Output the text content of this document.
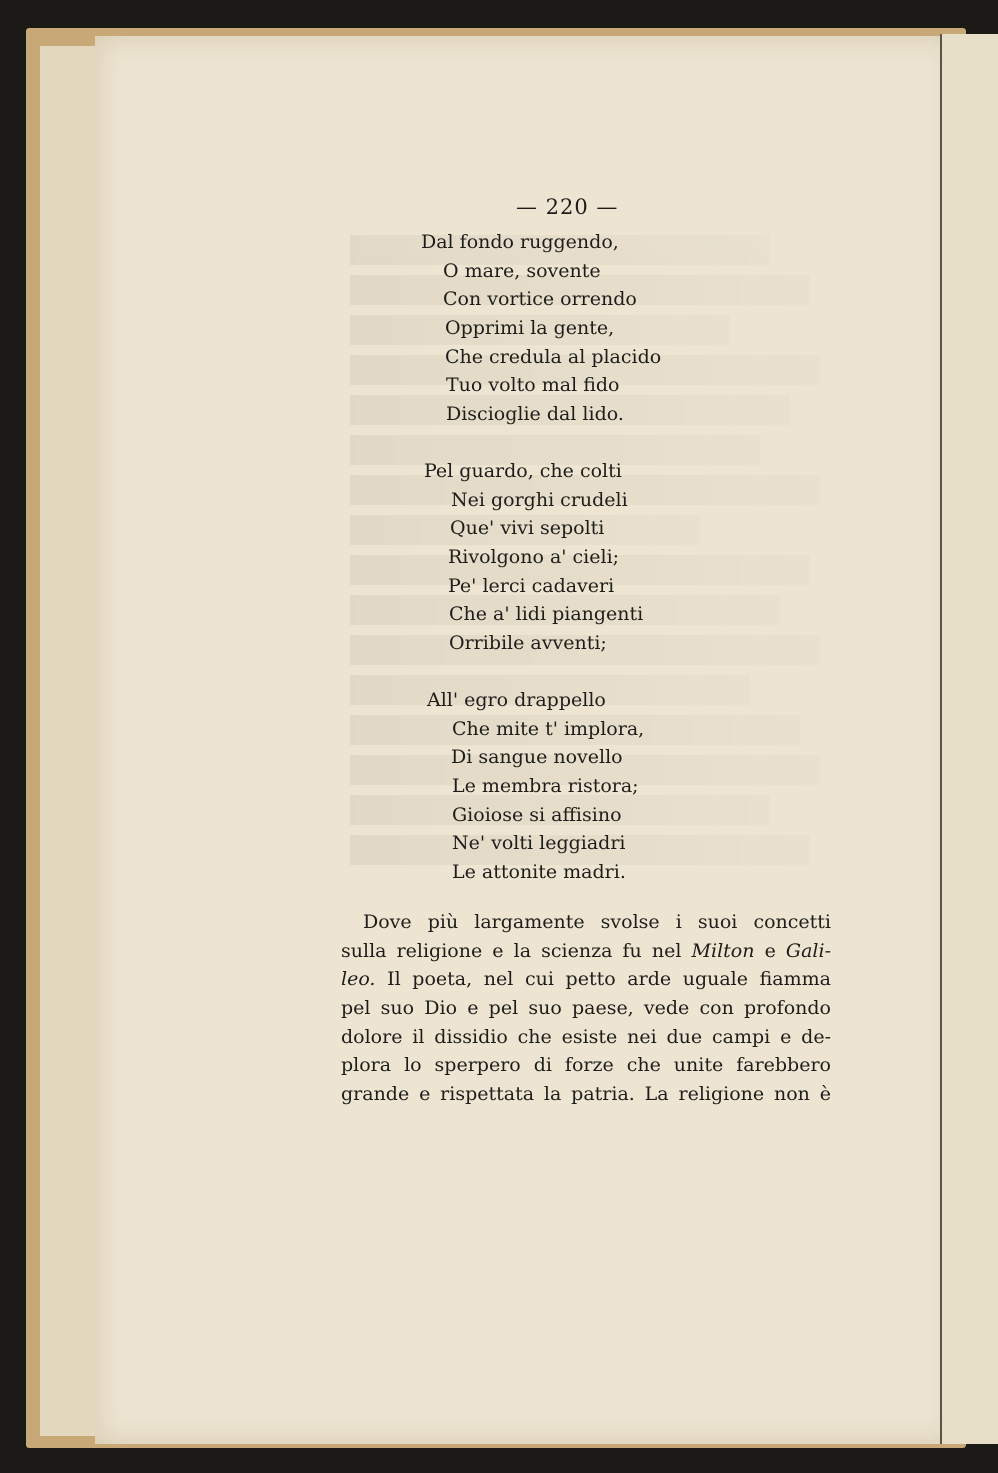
— 220 —
Dal fondo ruggendo,
O mare, sovente
Con vortice orrendo
Opprimi la gente,
Che credula al placido
Tuo volto mal fido
Discioglie dal lido.
Pel guardo, che colti
Nei gorghi crudeli
Que' vivi sepolti
Rivolgono a' cieli;
Pe' lerci cadaveri
Che a' lidi piangenti
Orribile avventi;
All' egro drappello
Che mite t' implora,
Di sangue novello
Le membra ristora;
Gioiose si affisino
Ne' volti leggiadri
Le attonite madri.
Dove più largamente svolse i suoi concetti
sulla religione e la scienza fu nel Milton e Gali-
leo. Il poeta, nel cui petto arde uguale fiamma
pel suo Dio e pel suo paese, vede con profondo
dolore il dissidio che esiste nei due campi e de-
plora lo sperpero di forze che unite farebbero
grande e rispettata la patria. La religione non è
